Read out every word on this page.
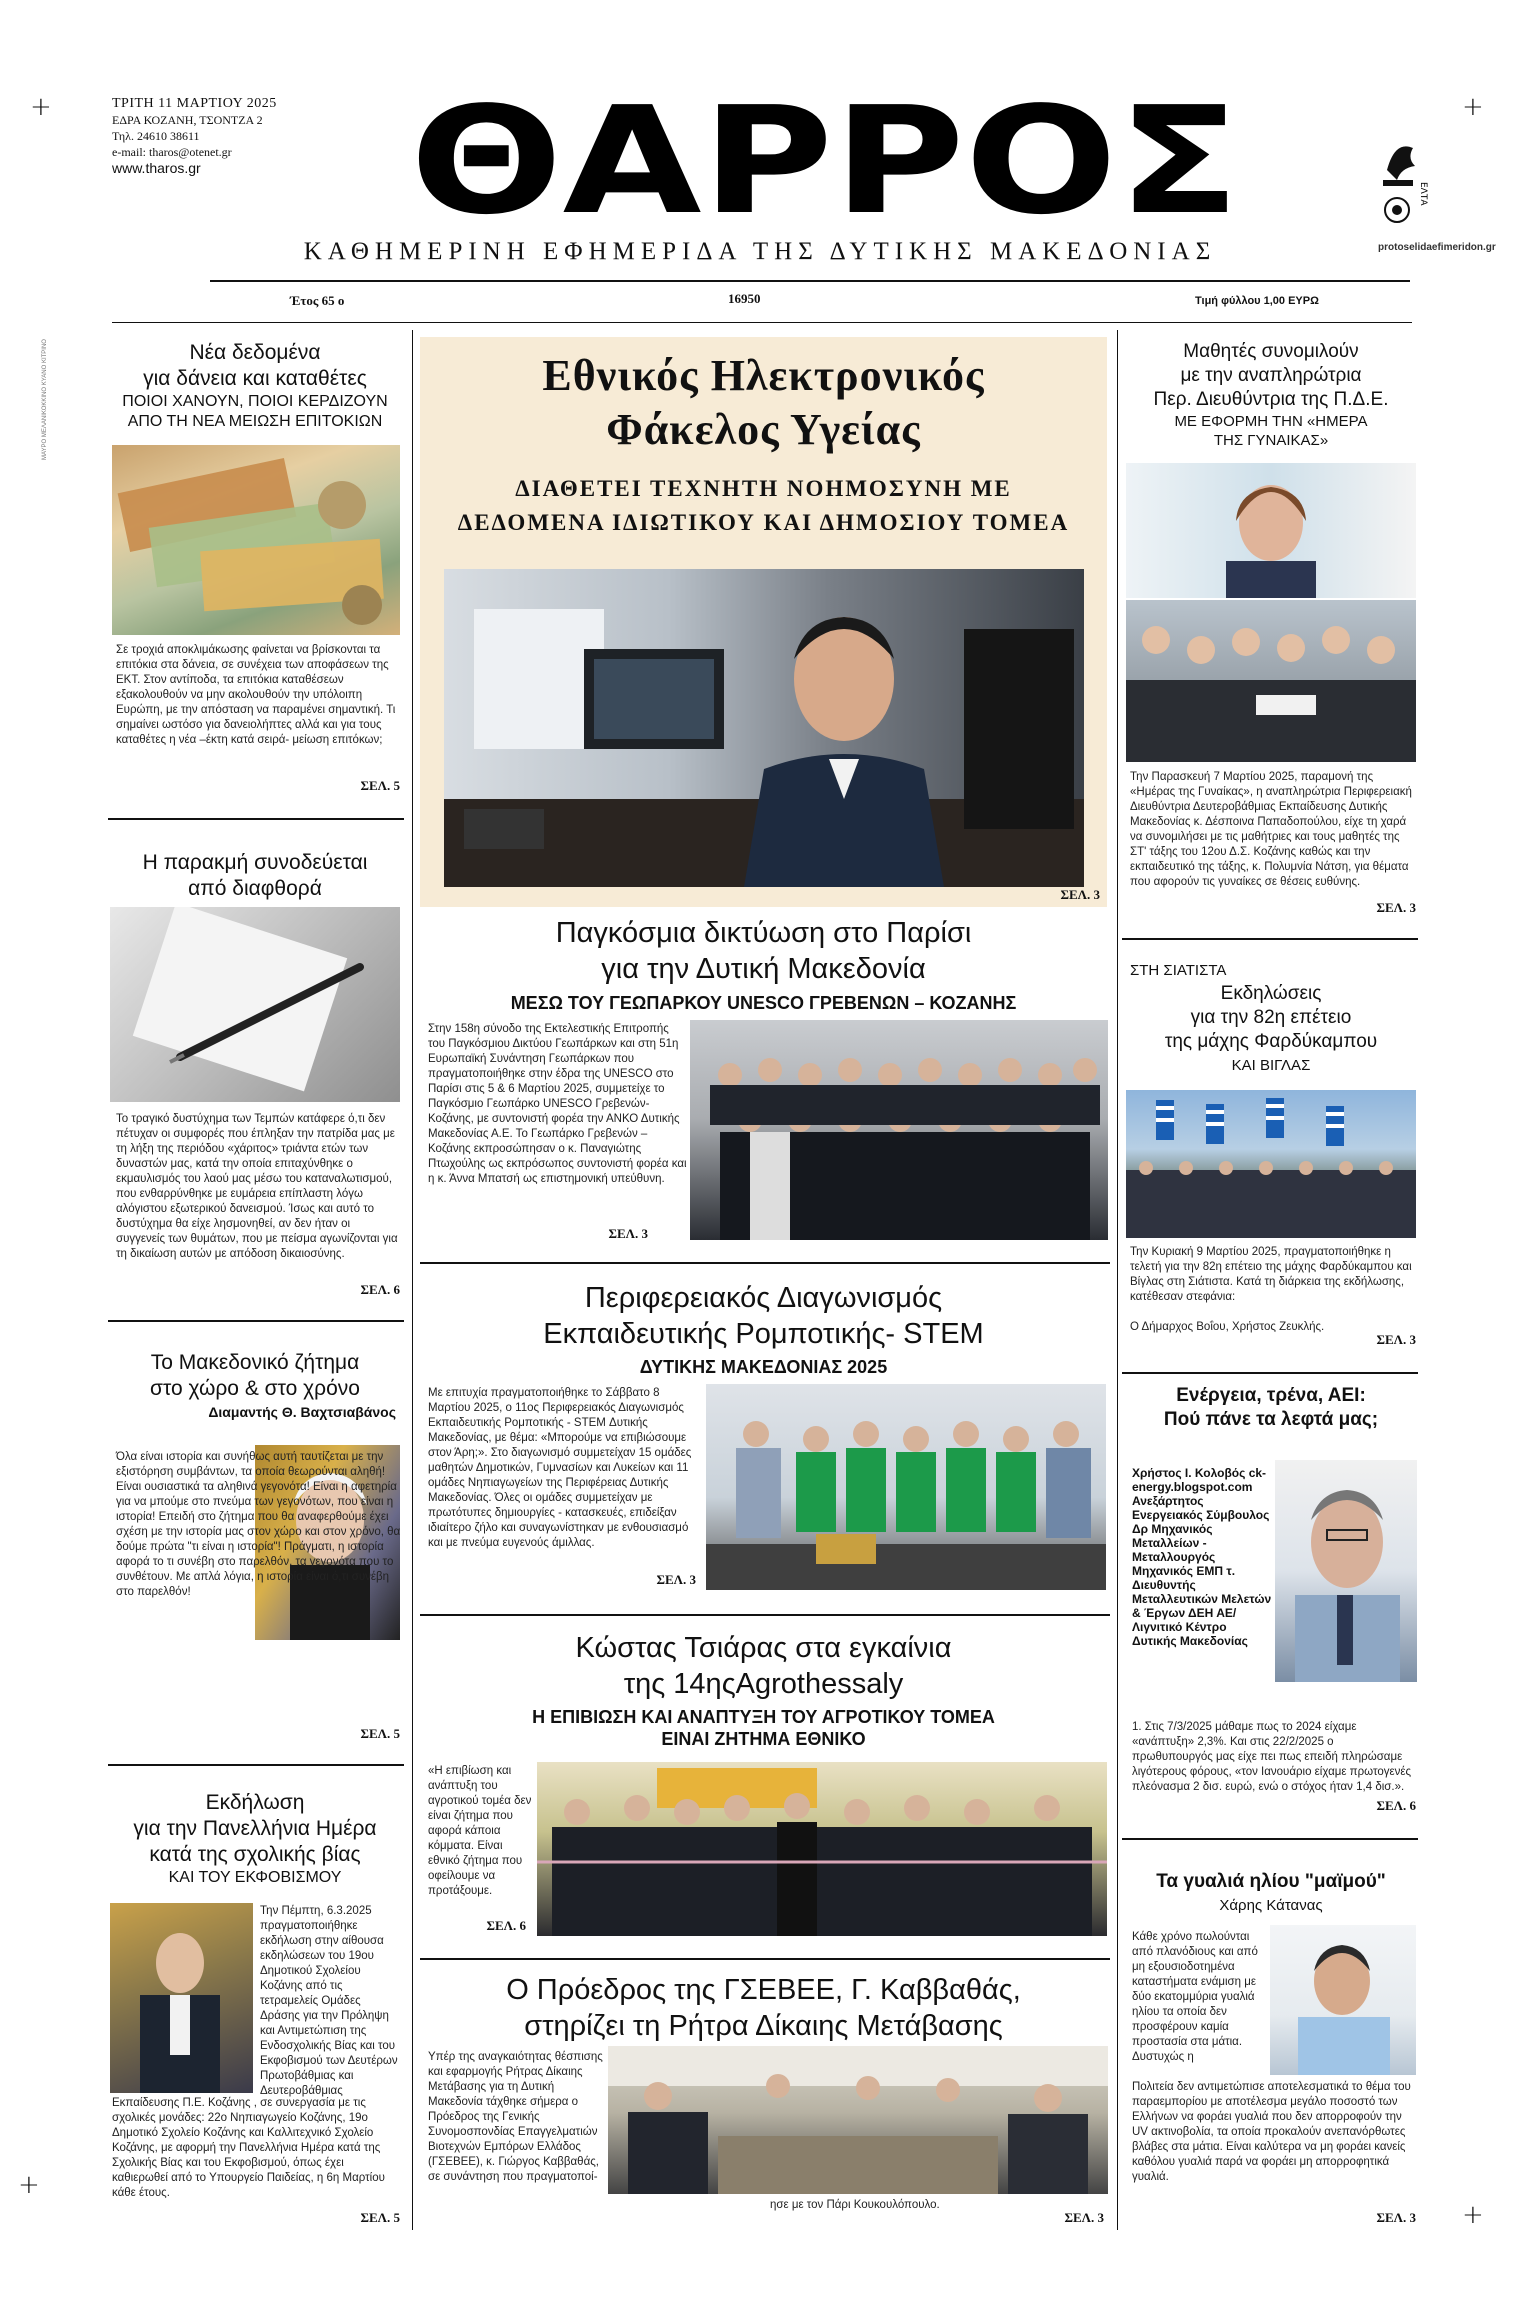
+	+
+
+
ΜΑΥΡΟ ΜΕΛΑΝΙΚΟΚΚΙΝΟ ΚΥΑΝΟ ΚΙΤΡΙΝΟ
ΤΡΙΤΗ 11 ΜΑΡΤΙΟΥ 2025
ΕΔΡΑ ΚΟΖΑΝΗ, ΤΣΟΝΤΖΑ 2
Τηλ. 24610 38611
e-mail: tharos@otenet.gr
www.tharos.gr	ΘΑΡΡΟΣ	ΕΛΤΑ
protoselidaefimeridon.gr
ΚΑΘΗΜΕΡΙΝΗ ΕΦΗΜΕΡΙΔΑ ΤΗΣ ΔΥΤΙΚΗΣ ΜΑΚΕΔΟΝΙΑΣ
Έτος 65 ο	16950	Τιμή φύλλου 1,00 ΕΥΡΩ
Νέα δεδομένα
για δάνεια και καταθέτες
ΠΟΙΟΙ ΧΑΝΟΥΝ, ΠΟΙΟΙ ΚΕΡΔΙΖΟΥΝ
ΑΠΟ ΤΗ ΝΕΑ ΜΕΙΩΣΗ ΕΠΙΤΟΚΙΩΝ
Σε τροχιά αποκλιμάκωσης φαίνεται να βρίσκονται τα επιτόκια στα δάνεια, σε συνέχεια των αποφάσεων της ΕΚΤ. Στον αντίποδα, τα επιτόκια καταθέσεων εξακολουθούν να μην ακολουθούν την υπόλοιπη Ευρώπη, με την απόσταση να παραμένει σημαντική. Τι σημαίνει ωστόσο για δανειολήπτες αλλά και για τους καταθέτες η νέα –έκτη κατά σειρά- μείωση επιτόκων;
ΣΕΛ. 5
Η παρακμή συνοδεύεται
από διαφθορά
Το τραγικό δυστύχημα των Τεμπών κατάφερε ό,τι δεν πέτυχαν οι συμφορές που έπληξαν την πατρίδα μας με τη λήξη της περιόδου «χάριτος» τριάντα ετών των δυναστών μας, κατά την οποία επιταχύνθηκε ο εκμαυλισμός του λαού μας μέσω του καταναλωτισμού, που ενθαρρύνθηκε με ευμάρεια επίπλαστη λόγω αλόγιστου εξωτερικού δανεισμού. Ίσως και αυτό το δυστύχημα θα είχε λησμονηθεί, αν δεν ήταν οι συγγενείς των θυμάτων, που με πείσμα αγωνίζονται για τη δικαίωση αυτών με απόδοση δικαιοσύνης.
ΣΕΛ. 6
Το Μακεδονικό ζήτημα
στο χώρο & στο χρόνο
Διαμαντής Θ. Βαχτσιαβάνος
Όλα είναι ιστορία και συνήθως αυτή ταυτίζεται με την εξιστόρηση συμβάντων, τα οποία θεωρούνται αληθή! Είναι ουσιαστικά τα αληθινά γεγονότα! Είναι η αφετηρία για να μπούμε στο πνεύμα των γεγονότων, που είναι η ιστορία! Επειδή στο ζήτημα που θα αναφερθούμε έχει σχέση με την ιστορία μας στον χώρο και στον χρόνο, θα δούμε πρώτα "τι είναι η ιστορία"! Πράγματι, η ιστορία αφορά το τι συνέβη στο παρελθόν, τα γεγονότα που το συνθέτουν. Με απλά λόγια, η ιστορία είναι ό,τι συνέβη στο παρελθόν!
ΣΕΛ. 5
Εκδήλωση
για την Πανελλήνια Ημέρα
κατά της σχολικής βίας
ΚΑΙ ΤΟΥ ΕΚΦΟΒΙΣΜΟΥ
Την Πέμπτη, 6.3.2025 πραγματοποιήθηκε εκδήλωση στην αίθουσα εκδηλώσεων του 19ου Δημοτικού Σχολείου Κοζάνης από τις τετραμελείς Ομάδες Δράσης για την Πρόληψη και Αντιμετώπιση της Ενδοσχολικής Βίας και του Εκφοβισμού των Δευτέρων Πρωτοβάθμιας και Δευτεροβάθμιας
Εκπαίδευσης Π.Ε. Κοζάνης , σε συνεργασία με τις σχολικές μονάδες: 22ο Νηπιαγωγείο Κοζάνης, 19ο Δημοτικό Σχολείο Κοζάνης και Καλλιτεχνικό Σχολείο Κοζάνης, με αφορμή την Πανελλήνια Ημέρα κατά της Σχολικής Βίας και του Εκφοβισμού, όπως έχει καθιερωθεί από το Υπουργείο Παιδείας, η 6η Μαρτίου κάθε έτους.
ΣΕΛ. 5
Εθνικός Ηλεκτρονικός
Φάκελος Υγείας
ΔΙΑΘΕΤΕΙ ΤΕΧΝΗΤΗ ΝΟΗΜΟΣΥΝΗ ΜΕ
ΔΕΔΟΜΕΝΑ ΙΔΙΩΤΙΚΟΥ ΚΑΙ ΔΗΜΟΣΙΟΥ ΤΟΜΕΑ
ΣΕΛ. 3
Παγκόσμια δικτύωση στο Παρίσι
για την Δυτική Μακεδονία
ΜΕΣΩ ΤΟΥ ΓΕΩΠΑΡΚΟΥ UNESCO ΓΡΕΒΕΝΩΝ – ΚΟΖΑΝΗΣ
Στην 158η σύνοδο της Εκτελεστικής Επιτροπής του Παγκόσμιου Δικτύου Γεωπάρκων και στη 51η Ευρωπαϊκή Συνάντηση Γεωπάρκων που πραγματοποιήθηκε στην έδρα της UNESCO στο Παρίσι στις 5 & 6 Μαρτίου 2025, συμμετείχε το Παγκόσμιο Γεωπάρκο UNESCO Γρεβενών-Κοζάνης, με συντονιστή φορέα την ΑΝΚΟ Δυτικής Μακεδονίας Α.Ε. Το Γεωπάρκο Γρεβενών – Κοζάνης εκπροσώπησαν ο κ. Παναγιώτης Πτωχούλης ως εκπρόσωπος συντονιστή φορέα και η κ. Άννα Μπατσή ως επιστημονική υπεύθυνη.
ΣΕΛ. 3
Περιφερειακός Διαγωνισμός
Εκπαιδευτικής Ρομποτικής- STEM
ΔΥΤΙΚΗΣ ΜΑΚΕΔΟΝΙΑΣ 2025
Με επιτυχία πραγματοποιήθηκε το Σάββατο 8 Μαρτίου 2025, ο 11ος Περιφερειακός Διαγωνισμός Εκπαιδευτικής Ρομποτικής - STEM Δυτικής Μακεδονίας, με θέμα: «Μπορούμε να επιβιώσουμε στον Άρη;». Στο διαγωνισμό συμμετείχαν 15 ομάδες μαθητών Δημοτικών, Γυμνασίων και Λυκείων και 11 ομάδες Νηπιαγωγείων της Περιφέρειας Δυτικής Μακεδονίας. Όλες οι ομάδες συμμετείχαν με πρωτότυπες δημιουργίες - κατασκευές, επιδείξαν ιδιαίτερο ζήλο και συναγωνίστηκαν με ενθουσιασμό και με πνεύμα ευγενούς άμιλλας.
ΣΕΛ. 3
Κώστας Τσιάρας στα εγκαίνια
της 14ηςAgrothessaly
Η ΕΠΙΒΙΩΣΗ ΚΑΙ ΑΝΑΠΤΥΞΗ ΤΟΥ ΑΓΡΟΤΙΚΟΥ ΤΟΜΕΑ
ΕΙΝΑΙ ΖΗΤΗΜΑ ΕΘΝΙΚΟ
«Η επιβίωση και ανάπτυξη του αγροτικού τομέα δεν είναι ζήτημα που αφορά κάποια κόμματα. Είναι εθνικό ζήτημα που οφείλουμε να προτάξουμε.
ΣΕΛ. 6
Ο Πρόεδρος της ΓΣΕΒΕΕ, Γ. Καββαθάς,
στηρίζει τη Ρήτρα Δίκαιης Μετάβασης
Υπέρ της αναγκαιότητας θέσπισης και εφαρμογής Ρήτρας Δίκαιης Μετάβασης για τη Δυτική Μακεδονία τάχθηκε σήμερα ο Πρόεδρος της Γενικής Συνομοσπονδίας Επαγγελματιών Βιοτεχνών Εμπόρων Ελλάδος (ΓΣΕΒΕΕ), κ. Γιώργος Καββαθάς, σε συνάντηση που πραγματοποί-
ησε με τον Πάρι Κουκουλόπουλο.
ΣΕΛ. 3
Μαθητές συνομιλούν
με την αναπληρώτρια
Περ. Διευθύντρια της Π.Δ.Ε.
ΜΕ ΕΦΟΡΜΗ ΤΗΝ «ΗΜΕΡΑ
ΤΗΣ ΓΥΝΑΙΚΑΣ»
Την Παρασκευή 7 Μαρτίου 2025, παραμονή της «Ημέρας της Γυναίκας», η αναπληρώτρια Περιφερειακή Διευθύντρια Δευτεροβάθμιας Εκπαίδευσης Δυτικής Μακεδονίας κ. Δέσποινα Παπαδοπούλου, είχε τη χαρά να συνομιλήσει με τις μαθήτριες και τους μαθητές της ΣΤ' τάξης του 12ου Δ.Σ. Κοζάνης καθώς και την εκπαιδευτικό της τάξης, κ. Πολυμνία Νάτση, για θέματα που αφορούν τις γυναίκες σε θέσεις ευθύνης.
ΣΕΛ. 3
ΣΤΗ ΣΙΑΤΙΣΤΑ
Εκδηλώσεις
για την 82η επέτειο
της μάχης Φαρδύκαμπου
ΚΑΙ ΒΙΓΛΑΣ
Την Κυριακή 9 Μαρτίου 2025, πραγματοποιήθηκε η τελετή για την 82η επέτειο της μάχης Φαρδύκαμπου και Βίγλας στη Σιάτιστα. Κατά τη διάρκεια της εκδήλωσης, κατέθεσαν στεφάνια:
Ο Δήμαρχος Βοΐου, Χρήστος Ζευκλής.
ΣΕΛ. 3
Ενέργεια, τρένα, ΑΕΙ:
Πού πάνε τα λεφτά μας;
Χρήστος Ι. Κολοβός ck-energy.blogspot.com Ανεξάρτητος Ενεργειακός Σύμβουλος Δρ Μηχανικός Μεταλλείων - Μεταλλουργός Μηχανικός ΕΜΠ τ. Διευθυντής Μεταλλευτικών Μελετών & Έργων ΔΕΗ ΑΕ/Λιγνιτικό Κέντρο Δυτικής Μακεδονίας
1. Στις 7/3/2025 μάθαμε πως το 2024 είχαμε «ανάπτυξη» 2,3%. Και στις 22/2/2025 ο πρωθυπουργός μας είχε πει πως επειδή πληρώσαμε λιγότερους φόρους, «τον Ιανουάριο είχαμε πρωτογενές πλεόνασμα 2 δισ. ευρώ, ενώ ο στόχος ήταν 1,4 δισ.».
ΣΕΛ. 6
Τα γυαλιά ηλίου "μαϊμού"
Χάρης Κάτανας
Κάθε χρόνο πωλούνται από πλανόδιους και από μη εξουσιοδοτημένα καταστήματα ενάμιση με δύο εκατομμύρια γυαλιά ηλίου τα οποία δεν προσφέρουν καμία προστασία στα μάτια. Δυστυχώς η
Πολιτεία δεν αντιμετώπισε αποτελεσματικά το θέμα του παραεμπορίου με αποτέλεσμα μεγάλο ποσοστό των Ελλήνων να φοράει γυαλιά που δεν απορροφούν την UV ακτινοβολία, τα οποία προκαλούν ανεπανόρθωτες βλάβες στα μάτια. Είναι καλύτερα να μη φοράει κανείς καθόλου γυαλιά παρά να φοράει μη απορροφητικά γυαλιά.
ΣΕΛ. 3
